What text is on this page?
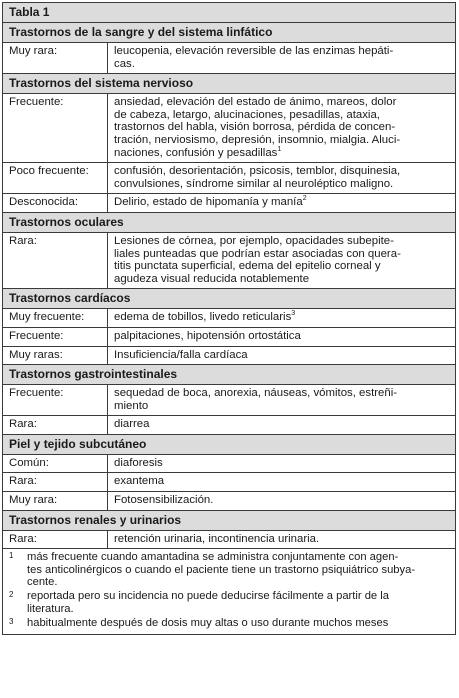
Tabla 1
Trastornos de la sangre y del sistema linfático
Muy rara:	leucopenia, elevación reversible de las enzimas hepáti-
cas.
Trastornos del sistema nervioso
Frecuente:	ansiedad, elevación del estado de ánimo, mareos, dolor
de cabeza, letargo, alucinaciones, pesadillas, ataxia,
trastornos del habla, visión borrosa, pérdida de concen-
tración, nerviosismo, depresión, insomnio, mialgia. Aluci-
naciones, confusión y pesadillas$^1$
Poco frecuente:	confusión, desorientación, psicosis, temblor, disquinesia,
convulsiones, síndrome similar al neuroléptico maligno.
Desconocida:	Delirio, estado de hipomanía y manía$^2$
Trastornos oculares
Rara:	Lesiones de córnea, por ejemplo, opacidades subepite-
liales punteadas que podrían estar asociadas con quera-
titis punctata superficial, edema del epitelio corneal y
agudeza visual reducida notablemente
Trastornos cardíacos
Muy frecuente:	edema de tobillos, livedo reticularis$^3$
Frecuente:	palpitaciones, hipotensión ortostática
Muy raras:	Insuficiencia/falla cardíaca
Trastornos gastrointestinales
Frecuente:	sequedad de boca, anorexia, náuseas, vómitos, estreñi-
miento
Rara:	diarrea
Piel y tejido subcutáneo
Común:	diaforesis
Rara:	exantema
Muy rara:	Fotosensibilización.
Trastornos renales y urinarios
Rara:	retención urinaria, incontinencia urinaria.
1	más frecuente cuando amantadina se administra conjuntamente con agen-
tes anticolinérgicos o cuando el paciente tiene un trastorno psiquiátrico subya-
cente.
2	reportada pero su incidencia no puede deducirse fácilmente a partir de la
literatura.
3	habitualmente después de dosis muy altas o uso durante muchos meses
